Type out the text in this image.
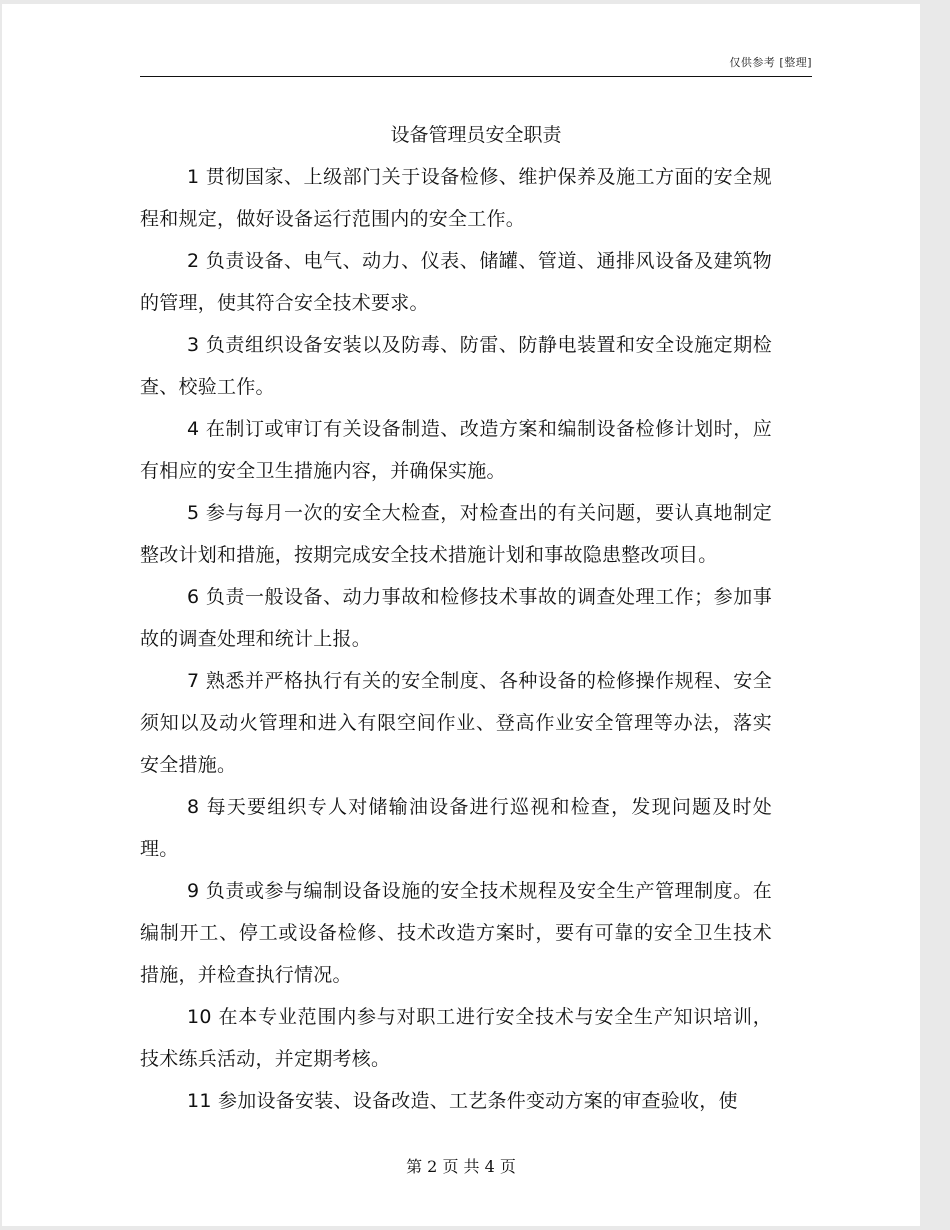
仅供参考 [整理]
设备管理员安全职责

1 贯彻国家、上级部门关于设备检修、维护保养及施工方面的安全规程和规定，做好设备运行范围内的安全工作。

2 负责设备、电气、动力、仪表、储罐、管道、通排风设备及建筑物的管理，使其符合安全技术要求。

3 负责组织设备安装以及防毒、防雷、防静电装置和安全设施定期检查、校验工作。

4 在制订或审订有关设备制造、改造方案和编制设备检修计划时，应有相应的安全卫生措施内容，并确保实施。

5 参与每月一次的安全大检查，对检查出的有关问题，要认真地制定整改计划和措施，按期完成安全技术措施计划和事故隐患整改项目。

6 负责一般设备、动力事故和检修技术事故的调查处理工作；参加事故的调查处理和统计上报。

7 熟悉并严格执行有关的安全制度、各种设备的检修操作规程、安全须知以及动火管理和进入有限空间作业、登高作业安全管理等办法，落实安全措施。

8 每天要组织专人对储输油设备进行巡视和检查，发现问题及时处理。

9 负责或参与编制设备设施的安全技术规程及安全生产管理制度。在编制开工、停工或设备检修、技术改造方案时，要有可靠的安全卫生技术措施，并检查执行情况。

10 在本专业范围内参与对职工进行安全技术与安全生产知识培训，技术练兵活动，并定期考核。

11 参加设备安装、设备改造、工艺条件变动方案的审查验收，使

第 2 页 共 4 页
